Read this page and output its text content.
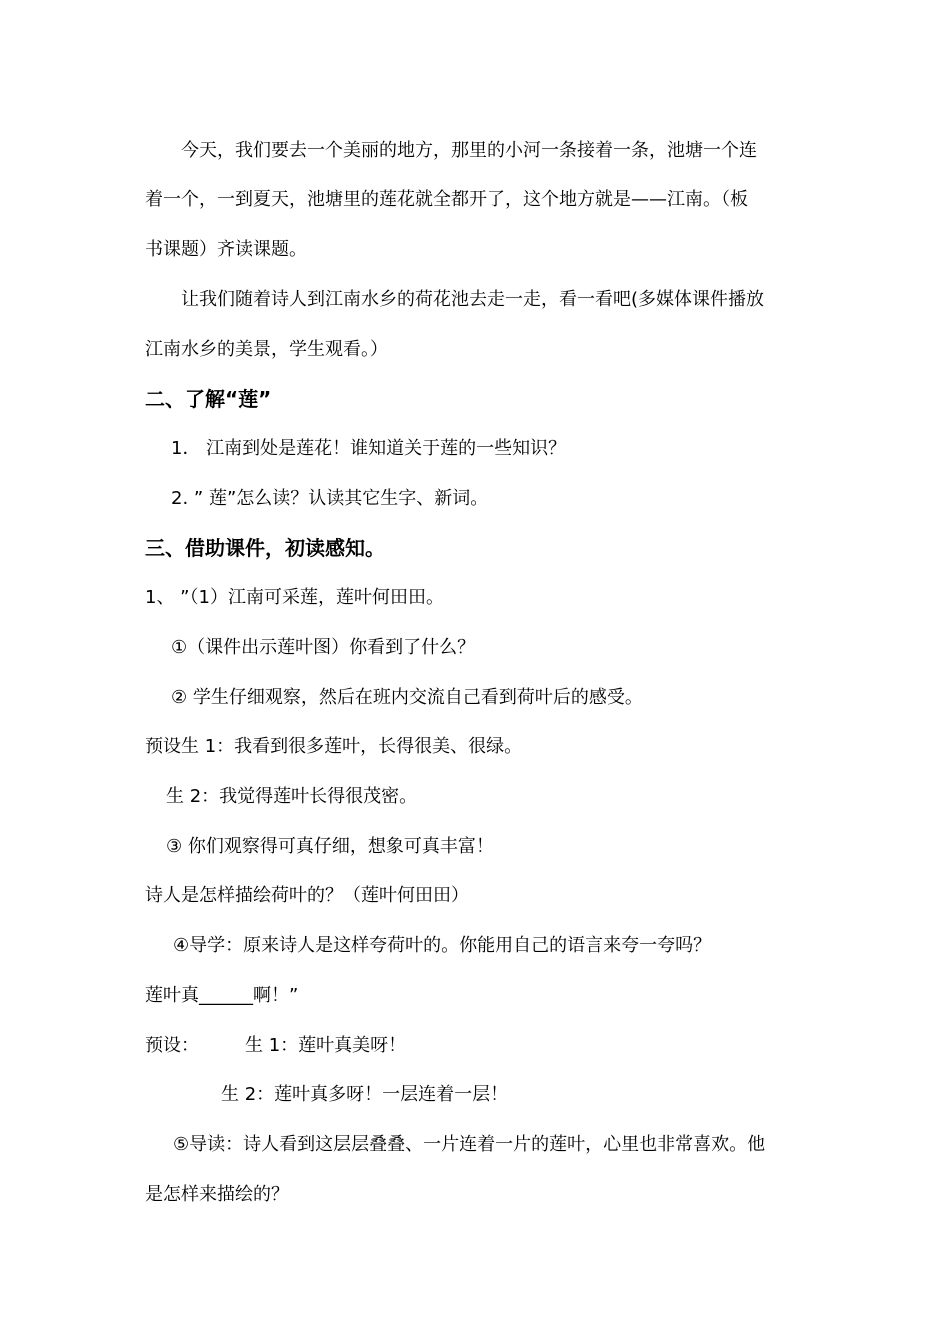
今天，我们要去一个美丽的地方，那里的小河一条接着一条，池塘一个连
着一个，一到夏天，池塘里的莲花就全都开了，这个地方就是——江南。（板
书课题）齐读课题。
让我们随着诗人到江南水乡的荷花池去走一走，看一看吧(多媒体课件播放
江南水乡的美景，学生观看。）
二、了解“莲”
1． 江南到处是莲花！谁知道关于莲的一些知识？
2. ” 莲”怎么读？认读其它生字、新词。
三、借助课件，初读感知。
1、 ”（1）江南可采莲，莲叶何田田。
①（课件出示莲叶图）你看到了什么？
② 学生仔细观察，然后在班内交流自己看到荷叶后的感受。
预设生 1：我看到很多莲叶，长得很美、很绿。
生 2：我觉得莲叶长得很茂密。
③ 你们观察得可真仔细，想象可真丰富！
诗人是怎样描绘荷叶的？（莲叶何田田）
④导学：原来诗人是这样夸荷叶的。你能用自己的语言来夸一夸吗？
莲叶真______啊！”
预设：	生 1：莲叶真美呀！
生 2：莲叶真多呀！一层连着一层！
⑤导读：诗人看到这层层叠叠、一片连着一片的莲叶，心里也非常喜欢。他
是怎样来描绘的？
